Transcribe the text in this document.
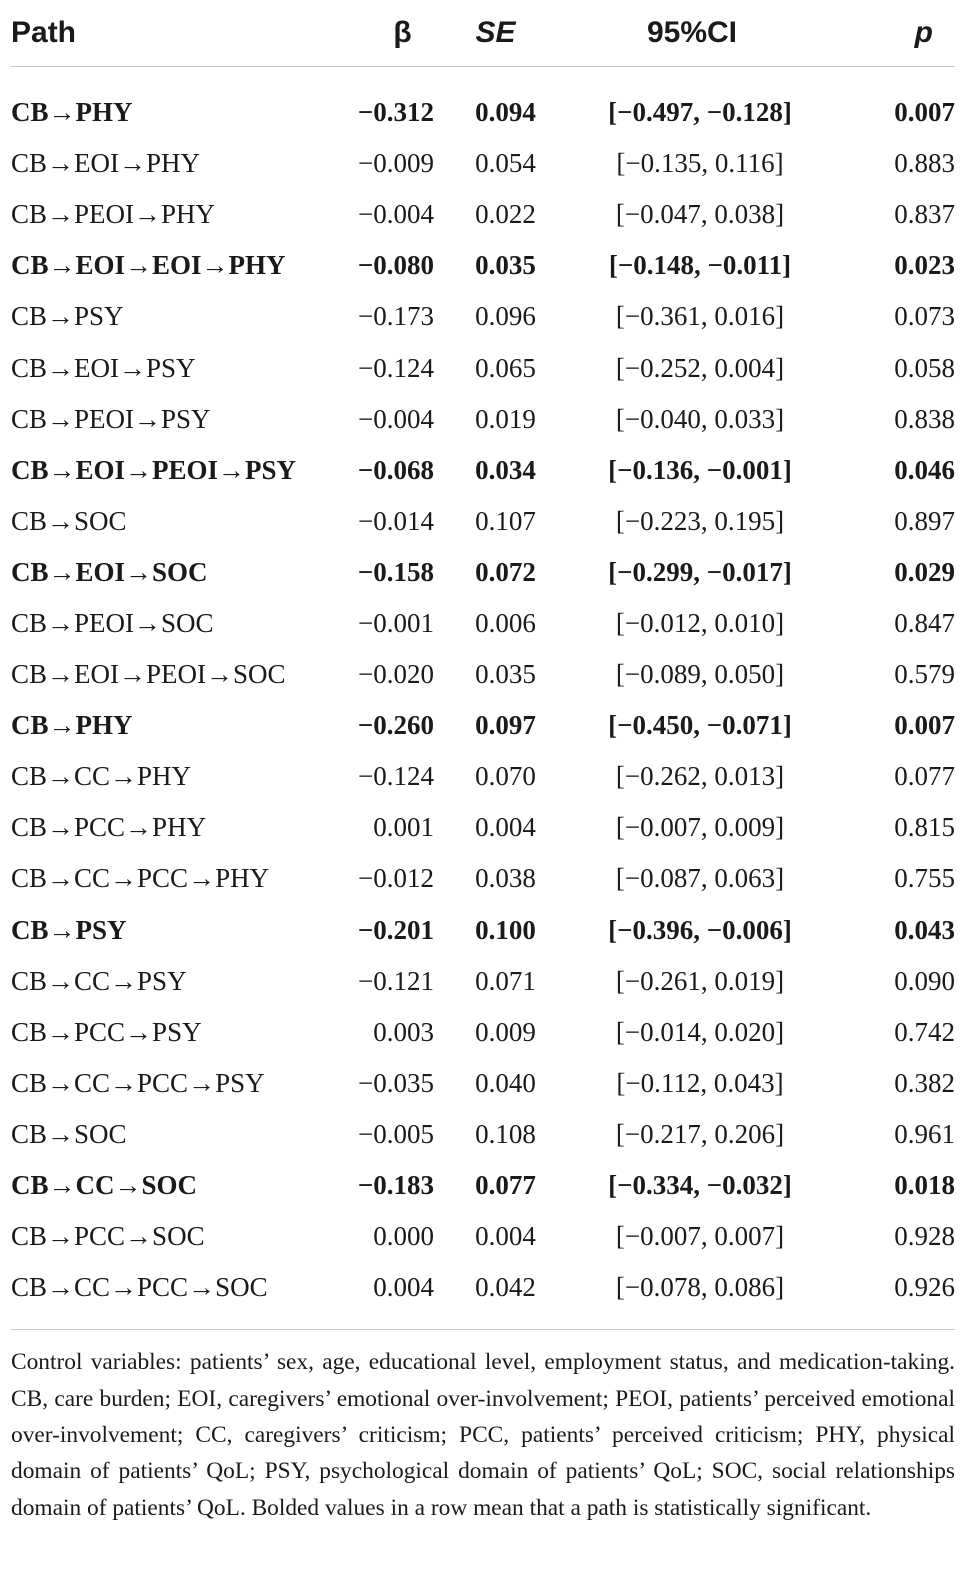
Path	β	SE	95%CI	p
CB→PHY	−0.312	0.094	[−0.497, −0.128]	0.007
CB→EOI→PHY	−0.009	0.054	[−0.135, 0.116]	0.883
CB→PEOI→PHY	−0.004	0.022	[−0.047, 0.038]	0.837
CB→EOI→EOI→PHY	−0.080	0.035	[−0.148, −0.011]	0.023
CB→PSY	−0.173	0.096	[−0.361, 0.016]	0.073
CB→EOI→PSY	−0.124	0.065	[−0.252, 0.004]	0.058
CB→PEOI→PSY	−0.004	0.019	[−0.040, 0.033]	0.838
CB→EOI→PEOI→PSY	−0.068	0.034	[−0.136, −0.001]	0.046
CB→SOC	−0.014	0.107	[−0.223, 0.195]	0.897
CB→EOI→SOC	−0.158	0.072	[−0.299, −0.017]	0.029
CB→PEOI→SOC	−0.001	0.006	[−0.012, 0.010]	0.847
CB→EOI→PEOI→SOC	−0.020	0.035	[−0.089, 0.050]	0.579
CB→PHY	−0.260	0.097	[−0.450, −0.071]	0.007
CB→CC→PHY	−0.124	0.070	[−0.262, 0.013]	0.077
CB→PCC→PHY	0.001	0.004	[−0.007, 0.009]	0.815
CB→CC→PCC→PHY	−0.012	0.038	[−0.087, 0.063]	0.755
CB→PSY	−0.201	0.100	[−0.396, −0.006]	0.043
CB→CC→PSY	−0.121	0.071	[−0.261, 0.019]	0.090
CB→PCC→PSY	0.003	0.009	[−0.014, 0.020]	0.742
CB→CC→PCC→PSY	−0.035	0.040	[−0.112, 0.043]	0.382
CB→SOC	−0.005	0.108	[−0.217, 0.206]	0.961
CB→CC→SOC	−0.183	0.077	[−0.334, −0.032]	0.018
CB→PCC→SOC	0.000	0.004	[−0.007, 0.007]	0.928
CB→CC→PCC→SOC	0.004	0.042	[−0.078, 0.086]	0.926
Control variables: patients’ sex, age, educational level, employment status, and medication-taking. CB, care burden; EOI, caregivers’ emotional over-involvement; PEOI, patients’ perceived emotional over-involvement; CC, caregivers’ criticism; PCC, patients’ perceived criticism; PHY, physical domain of patients’ QoL; PSY, psychological domain of patients’ QoL; SOC, social relationships domain of patients’ QoL. Bolded values in a row mean that a path is statistically significant.
